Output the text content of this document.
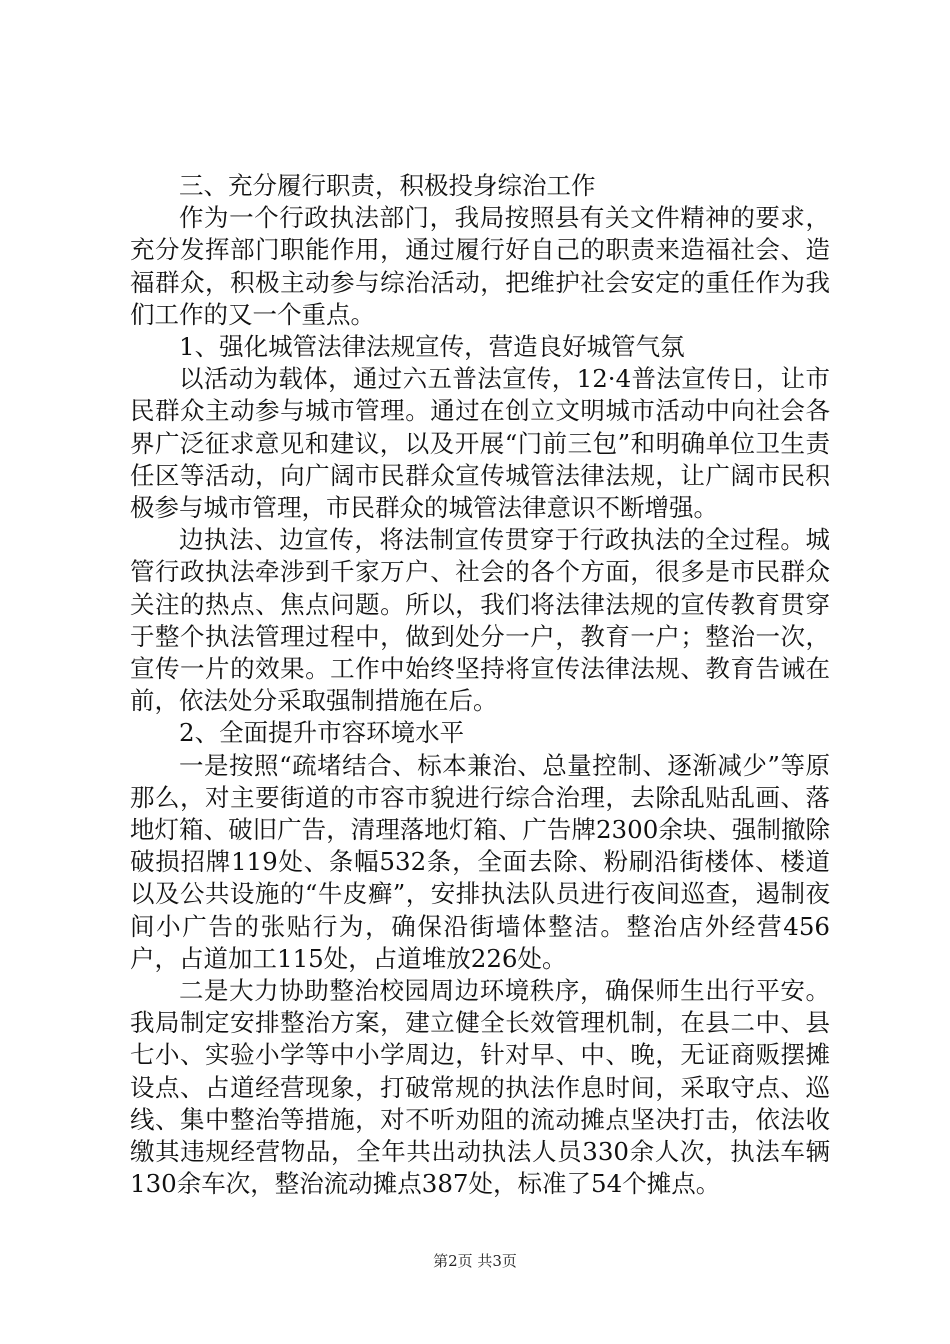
三、充分履行职责，积极投身综治工作

作为一个行政执法部门，我局按照县有关文件精神的要求，充分发挥部门职能作用，通过履行好自己的职责来造福社会、造福群众，积极主动参与综治活动，把维护社会安定的重任作为我们工作的又一个重点。

1、强化城管法律法规宣传，营造良好城管气氛

以活动为载体，通过六五普法宣传，12·4普法宣传日，让市民群众主动参与城市管理。通过在创立文明城市活动中向社会各界广泛征求意见和建议，以及开展“门前三包”和明确单位卫生责任区等活动，向广阔市民群众宣传城管法律法规，让广阔市民积极参与城市管理，市民群众的城管法律意识不断增强。

边执法、边宣传，将法制宣传贯穿于行政执法的全过程。城管行政执法牵涉到千家万户、社会的各个方面，很多是市民群众关注的热点、焦点问题。所以，我们将法律法规的宣传教育贯穿于整个执法管理过程中，做到处分一户，教育一户；整治一次，宣传一片的效果。工作中始终坚持将宣传法律法规、教育告诫在前，依法处分采取强制措施在后。

2、全面提升市容环境水平

一是按照“疏堵结合、标本兼治、总量控制、逐渐减少”等原那么，对主要街道的市容市貌进行综合治理，去除乱贴乱画、落地灯箱、破旧广告，清理落地灯箱、广告牌2300余块、强制撤除破损招牌119处、条幅532条，全面去除、粉刷沿街楼体、楼道以及公共设施的“牛皮癣”，安排执法队员进行夜间巡查，遏制夜间小广告的张贴行为，确保沿街墙体整洁。整治店外经营456户，占道加工115处，占道堆放226处。

二是大力协助整治校园周边环境秩序，确保师生出行平安。我局制定安排整治方案，建立健全长效管理机制，在县二中、县七小、实验小学等中小学周边，针对早、中、晚，无证商贩摆摊设点、占道经营现象，打破常规的执法作息时间，采取守点、巡线、集中整治等措施，对不听劝阻的流动摊点坚决打击，依法收缴其违规经营物品，全年共出动执法人员330余人次，执法车辆130余车次，整治流动摊点387处，标准了54个摊点。

第2页 共3页
